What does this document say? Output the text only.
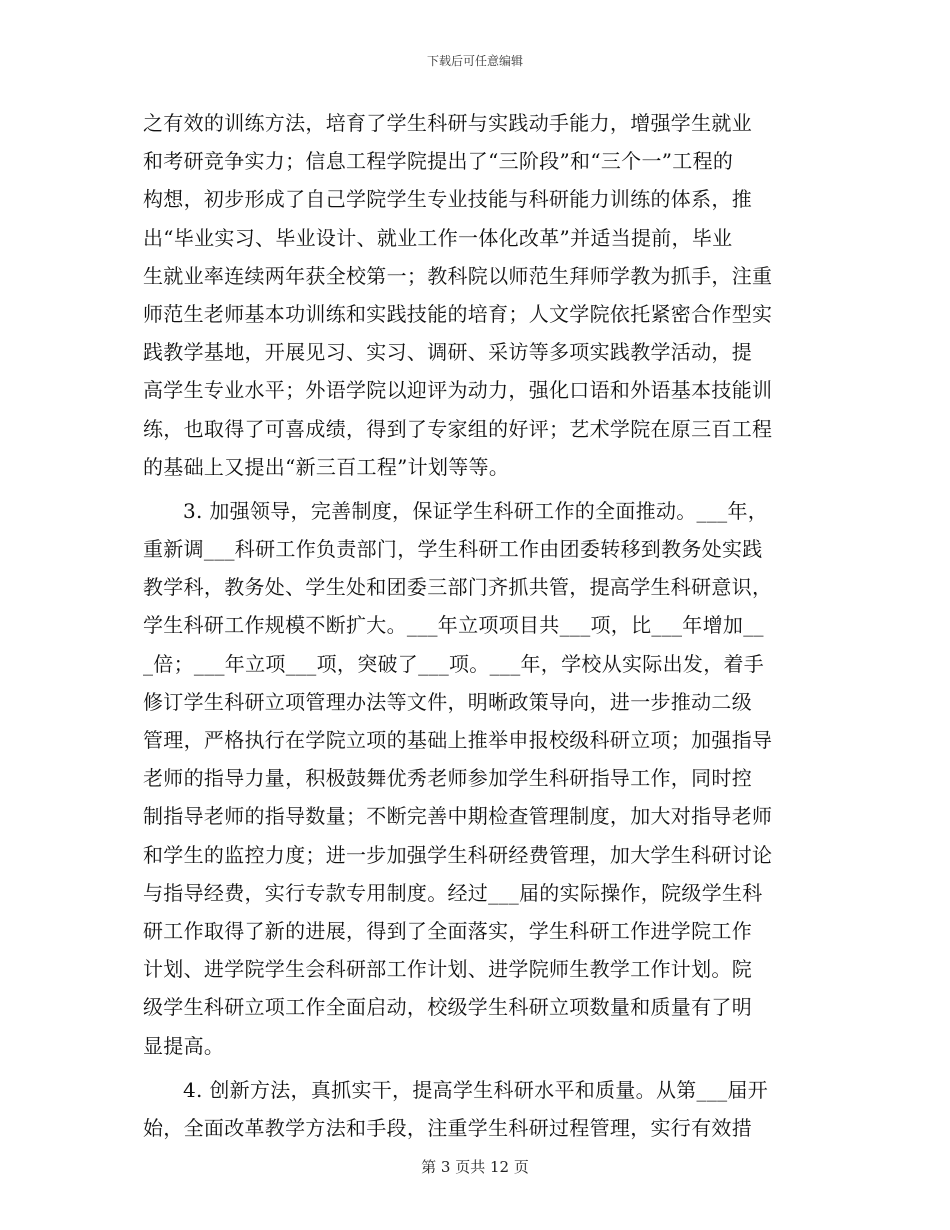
下载后可任意编辑
之有效的训练方法，培育了学生科研与实践动手能力，增强学生就业
和考研竞争实力；信息工程学院提出了“三阶段”和“三个一”工程的
构想，初步形成了自己学院学生专业技能与科研能力训练的体系，推
出“毕业实习、毕业设计、就业工作一体化改革”并适当提前，毕业
生就业率连续两年获全校第一；教科院以师范生拜师学教为抓手，注重
师范生老师基本功训练和实践技能的培育；人文学院依托紧密合作型实
践教学基地，开展见习、实习、调研、采访等多项实践教学活动，提
高学生专业水平；外语学院以迎评为动力，强化口语和外语基本技能训
练，也取得了可喜成绩，得到了专家组的好评；艺术学院在原三百工程
的基础上又提出“新三百工程”计划等等。
3. 加强领导，完善制度，保证学生科研工作的全面推动。___年，
重新调___科研工作负责部门，学生科研工作由团委转移到教务处实践
教学科，教务处、学生处和团委三部门齐抓共管，提高学生科研意识，
学生科研工作规模不断扩大。___年立项项目共___项，比___年增加__
_倍；___年立项___项，突破了___项。___年，学校从实际出发，着手
修订学生科研立项管理办法等文件，明晰政策导向，进一步推动二级
管理，严格执行在学院立项的基础上推举申报校级科研立项；加强指导
老师的指导力量，积极鼓舞优秀老师参加学生科研指导工作，同时控
制指导老师的指导数量；不断完善中期检查管理制度，加大对指导老师
和学生的监控力度；进一步加强学生科研经费管理，加大学生科研讨论
与指导经费，实行专款专用制度。经过___届的实际操作，院级学生科
研工作取得了新的进展，得到了全面落实，学生科研工作进学院工作
计划、进学院学生会科研部工作计划、进学院师生教学工作计划。院
级学生科研立项工作全面启动，校级学生科研立项数量和质量有了明
显提高。
4. 创新方法，真抓实干，提高学生科研水平和质量。从第___届开
始，全面改革教学方法和手段，注重学生科研过程管理，实行有效措
第 3 页共 12 页
